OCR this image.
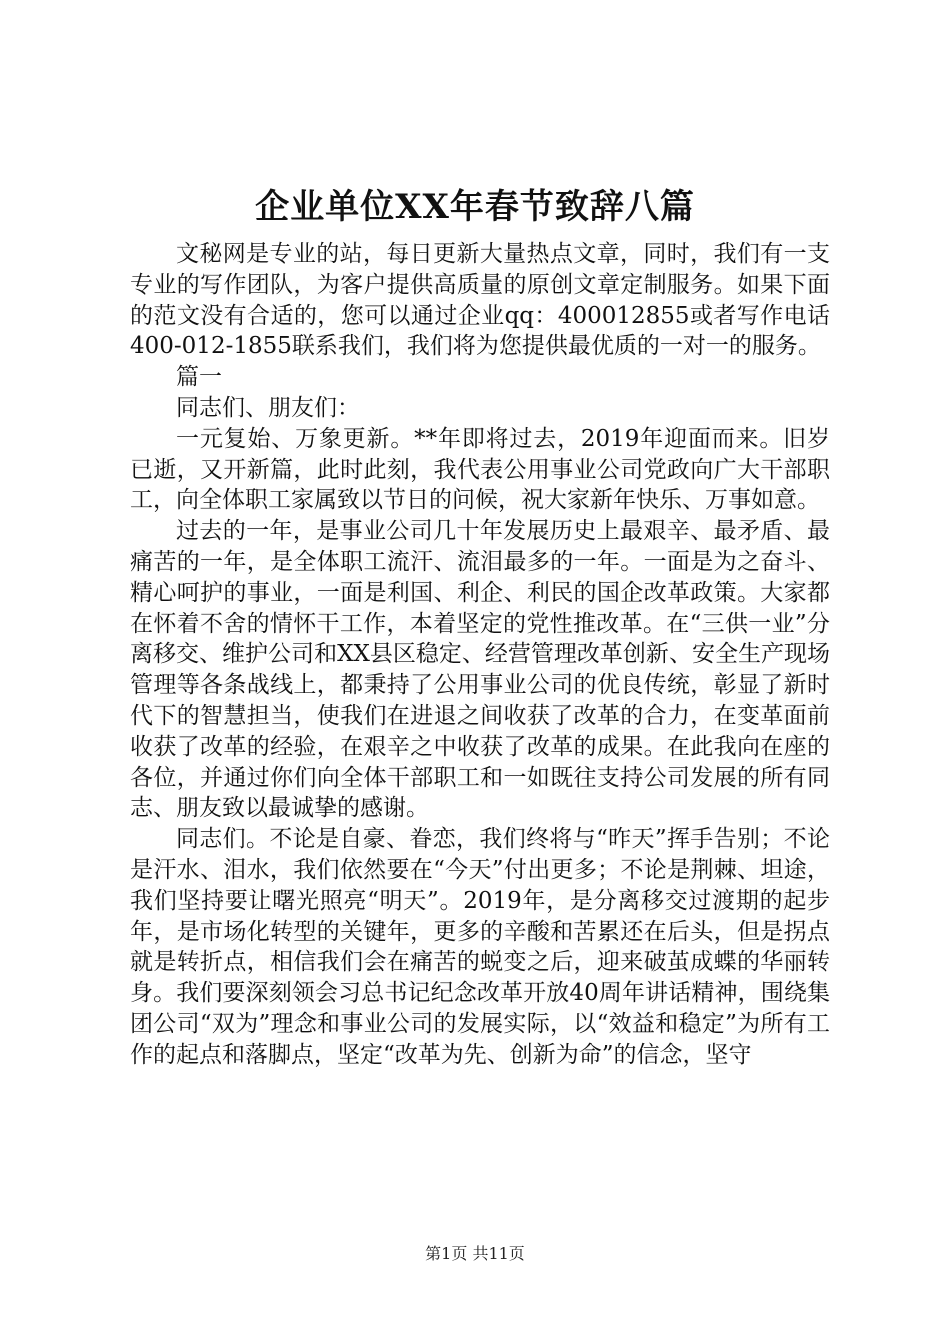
企业单位XX年春节致辞八篇

文秘网是专业的站，每日更新大量热点文章，同时，我们有一支专业的写作团队，为客户提供高质量的原创文章定制服务。如果下面的范文没有合适的，您可以通过企业qq：400012855或者写作电话400-012-1855联系我们，我们将为您提供最优质的一对一的服务。

篇一

同志们、朋友们：

一元复始、万象更新。**年即将过去，2019年迎面而来。旧岁已逝，又开新篇，此时此刻，我代表公用事业公司党政向广大干部职工，向全体职工家属致以节日的问候，祝大家新年快乐、万事如意。

过去的一年，是事业公司几十年发展历史上最艰辛、最矛盾、最痛苦的一年，是全体职工流汗、流泪最多的一年。一面是为之奋斗、精心呵护的事业，一面是利国、利企、利民的国企改革政策。大家都在怀着不舍的情怀干工作，本着坚定的党性推改革。在“三供一业”分离移交、维护公司和XX县区稳定、经营管理改革创新、安全生产现场管理等各条战线上，都秉持了公用事业公司的优良传统，彰显了新时代下的智慧担当，使我们在进退之间收获了改革的合力，在变革面前收获了改革的经验，在艰辛之中收获了改革的成果。在此我向在座的各位，并通过你们向全体干部职工和一如既往支持公司发展的所有同志、朋友致以最诚挚的感谢。

同志们。不论是自豪、眷恋，我们终将与“昨天”挥手告别；不论是汗水、泪水，我们依然要在“今天”付出更多；不论是荆棘、坦途，我们坚持要让曙光照亮“明天”。2019年，是分离移交过渡期的起步年，是市场化转型的关键年，更多的辛酸和苦累还在后头，但是拐点就是转折点，相信我们会在痛苦的蜕变之后，迎来破茧成蝶的华丽转身。我们要深刻领会习总书记纪念改革开放40周年讲话精神，围绕集团公司“双为”理念和事业公司的发展实际，以“效益和稳定”为所有工作的起点和落脚点，坚定“改革为先、创新为命”的信念，坚守

第1页 共11页
